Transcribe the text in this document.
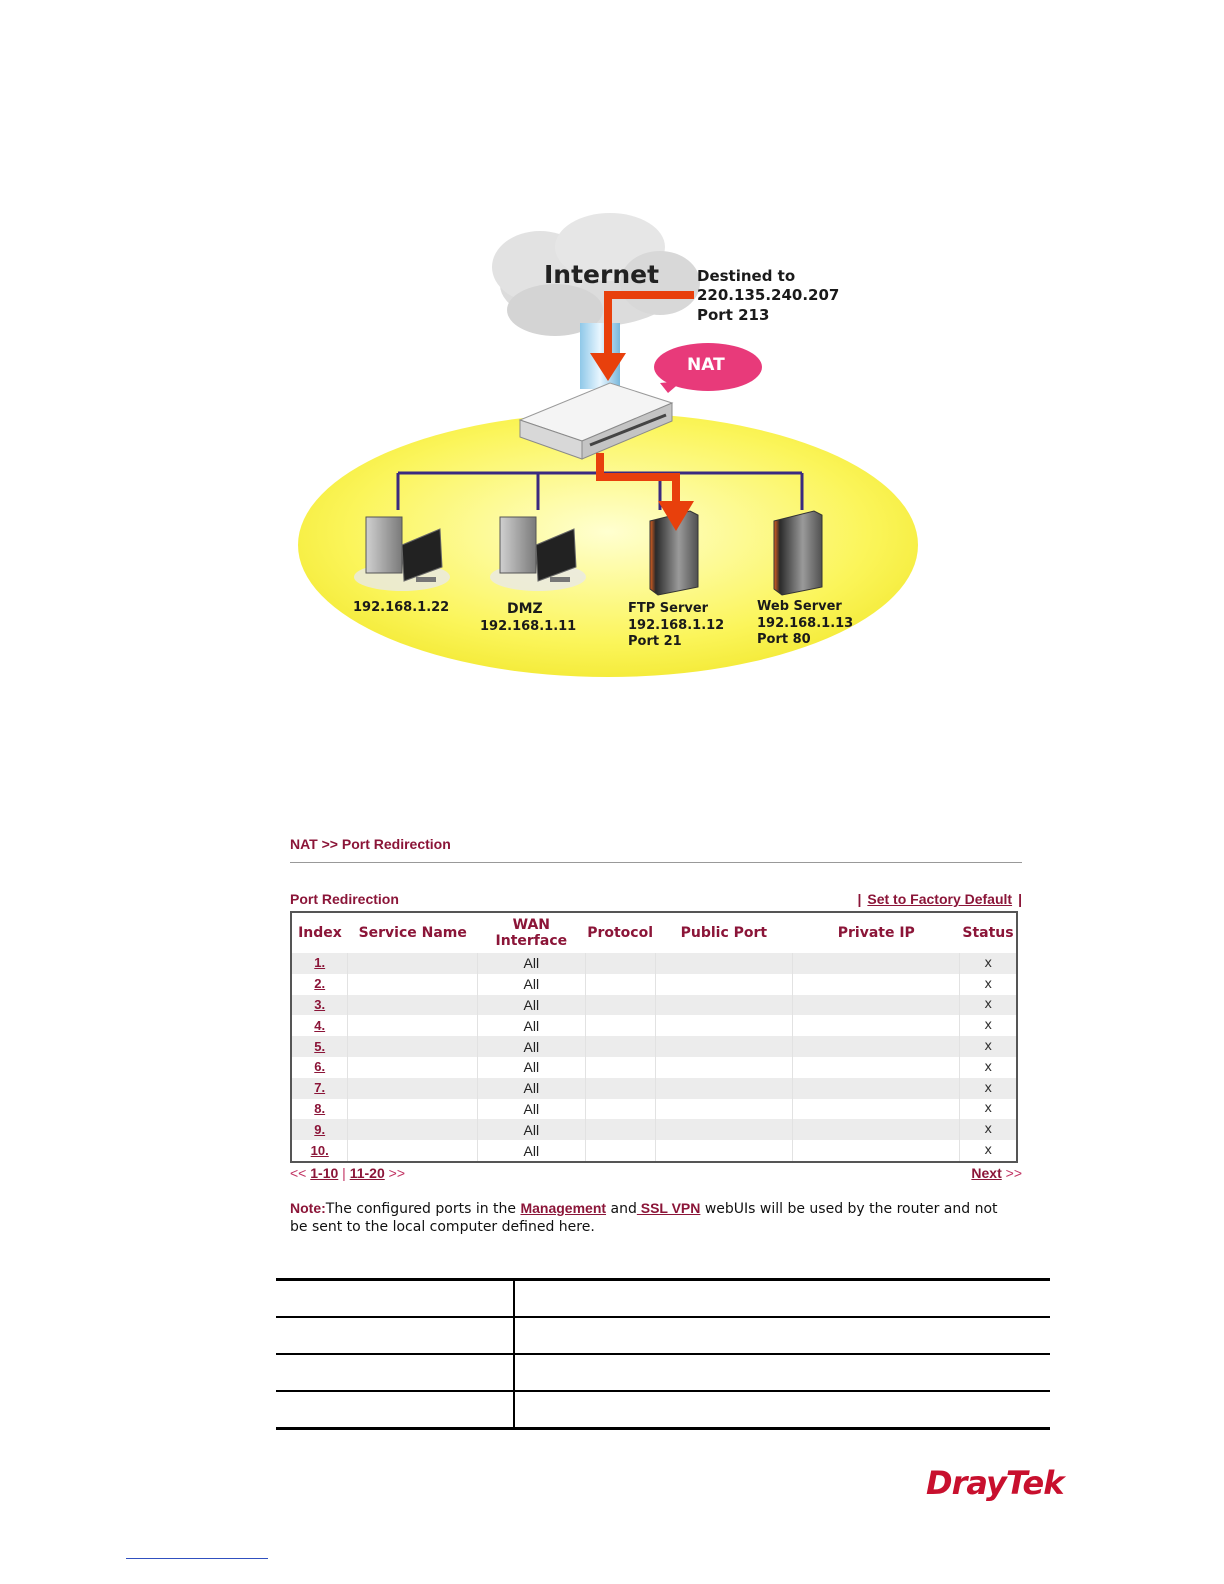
Internet	Destined to
220.135.240.207
Port 213
NAT
192.168.1.22	DMZ
192.168.1.11
FTP Server
192.168.1.12
Port 21
Web Server
192.168.1.13
Port 80
NAT >> Port Redirection
Port Redirection	| Set to Factory Default |
Index	Service Name	WAN Interface	Protocol	Public Port	Private IP	Status
1.		All				x
2.		All				x
3.		All				x
4.		All				x
5.		All				x
6.		All				x
7.		All				x
8.		All				x
9.		All				x
10.		All				x
<< 1-10 | 11-20 >>	Next >>
Note:The configured ports in the Management and SSL VPN webUIs will be used by the router and not be sent to the local computer defined here.

DrayTek
